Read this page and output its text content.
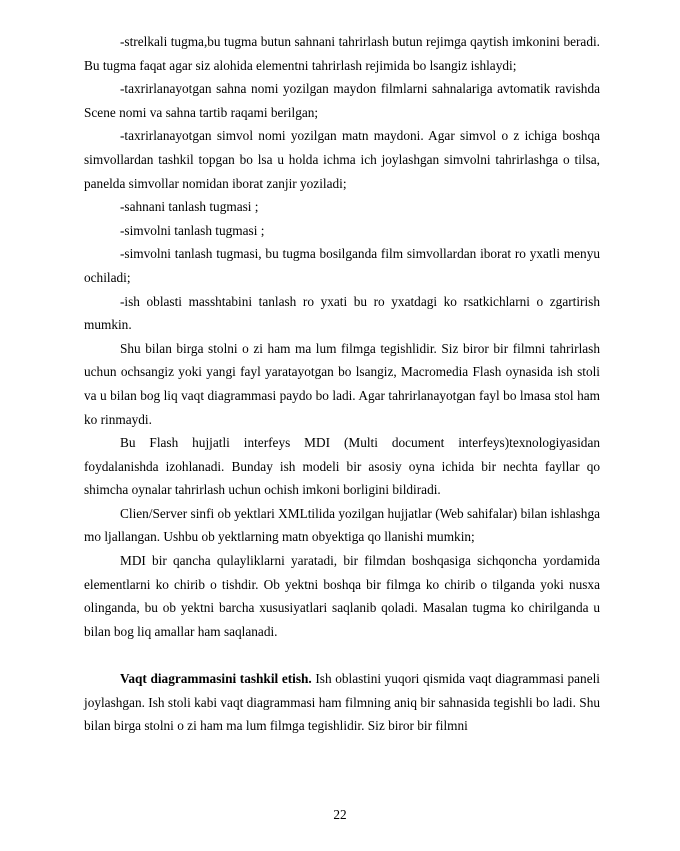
-strelkali tugma,bu tugma butun sahnani tahrirlash butun rejimga qaytish imkonini beradi. Bu tugma faqat agar siz alohida elementni tahrirlash rejimida bo lsangiz ishlaydi;

-taxrirlanayotgan sahna nomi yozilgan maydon filmlarni sahnalariga avtomatik ravishda Scene nomi va sahna tartib raqami berilgan;

-taxrirlanayotgan simvol nomi yozilgan matn maydoni. Agar simvol o z ichiga boshqa simvollardan tashkil topgan bo lsa u holda ichma ich joylashgan simvolni tahrirlashga o tilsa, panelda simvollar nomidan iborat zanjir yoziladi;

-sahnani tanlash tugmasi ;

-simvolni tanlash tugmasi ;

-simvolni tanlash tugmasi, bu tugma bosilganda film simvollardan iborat ro yxatli menyu ochiladi;

-ish oblasti masshtabini tanlash ro yxati bu ro yxatdagi ko rsatkichlarni o zgartirish mumkin.

Shu bilan birga stolni o zi ham ma lum filmga tegishlidir. Siz biror bir filmni tahrirlash uchun ochsangiz yoki yangi fayl yaratayotgan bo lsangiz, Macromedia Flash oynasida ish stoli va u bilan bog liq vaqt diagrammasi paydo bo ladi. Agar tahrirlanayotgan fayl bo lmasa stol ham ko rinmaydi.

Bu Flash hujjatli interfeys MDI (Multi document interfeys)texnologiyasidan foydalanishda izohlanadi. Bunday ish modeli bir asosiy oyna ichida bir nechta fayllar qo shimcha oynalar tahrirlash uchun ochish imkoni borligini bildiradi.

Clien/Server sinfi ob yektlari XMLtilida yozilgan hujjatlar (Web sahifalar) bilan ishlashga mo ljallangan. Ushbu ob yektlarning matn obyektiga qo llanishi mumkin;

MDI bir qancha qulayliklarni yaratadi, bir filmdan boshqasiga sichqoncha yordamida elementlarni ko chirib o tishdir. Ob yektni boshqa bir filmga ko chirib o tilganda yoki nusxa olinganda, bu ob yektni barcha xususiyatlari saqlanib qoladi. Masalan tugma ko chirilganda u bilan bog liq amallar ham saqlanadi.

Vaqt diagrammasini tashkil etish. Ish oblastini yuqori qismida vaqt diagrammasi paneli joylashgan. Ish stoli kabi vaqt diagrammasi ham filmning aniq bir sahnasida tegishli bo ladi. Shu bilan birga stolni o zi ham ma lum filmga tegishlidir. Siz biror bir filmni

22
